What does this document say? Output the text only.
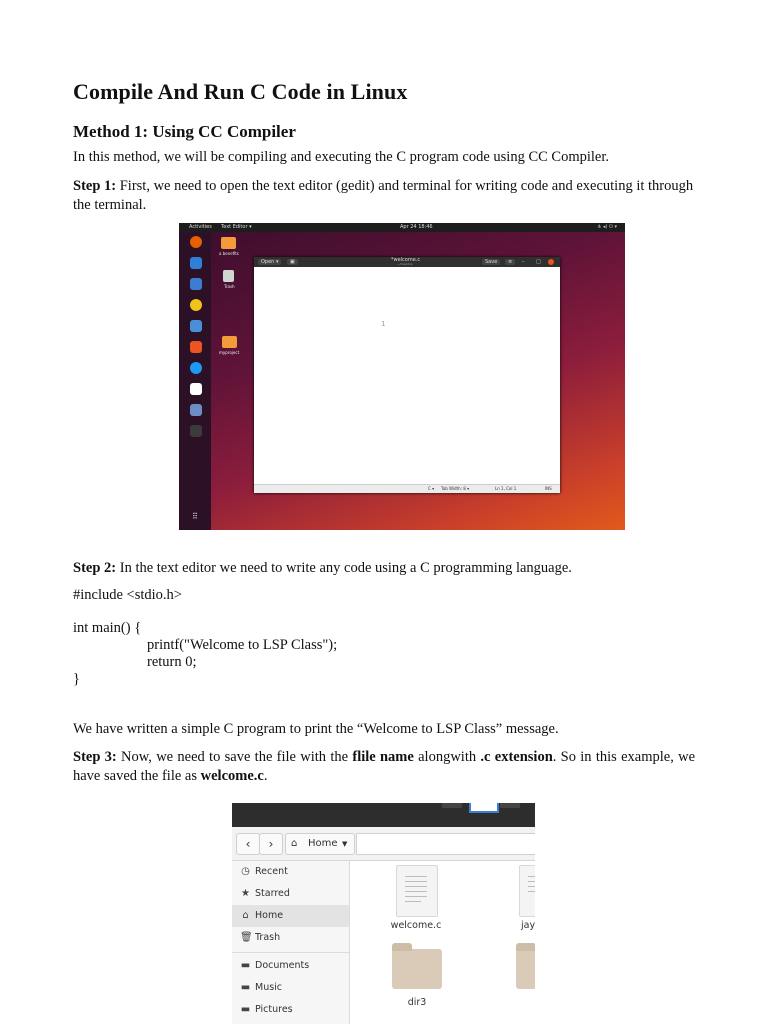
Compile And Run C Code in Linux
Method 1: Using CC Compiler

In this method, we will be compiling and executing the C program code using CC Compiler.

Step 1: First, we need to open the text editor (gedit) and terminal for writing code and executing it through the terminal.

Activities Text Editor ▾	Apr 24 18:46	⋔ ◂) ⏻ ▾
⠿
a benefits
Trash
myproject
Open ▾	▣	*welcome.c
~/Desktop	Save	≡	– □
1
C ▾ Tab Width: 8 ▾	Ln 1, Col 1	INS

Step 2: In the text editor we need to write any code using a C programming language.

#include <stdio.h>
int main() {
printf("Welcome to LSP Class");
return 0;
}

We have written a simple C program to print the “Welcome to LSP Class” message.

Step 3: Now, we need to save the file with the flile name alongwith .c extension. So in this example, we have saved the file as welcome.c.

‹	›	⌂ Home ▼
◷ Recent
★ Starred
⌂ Home
🗑 Trash
▬ Documents
▬ Music
▬ Pictures
welcome.c	jay
dir3
